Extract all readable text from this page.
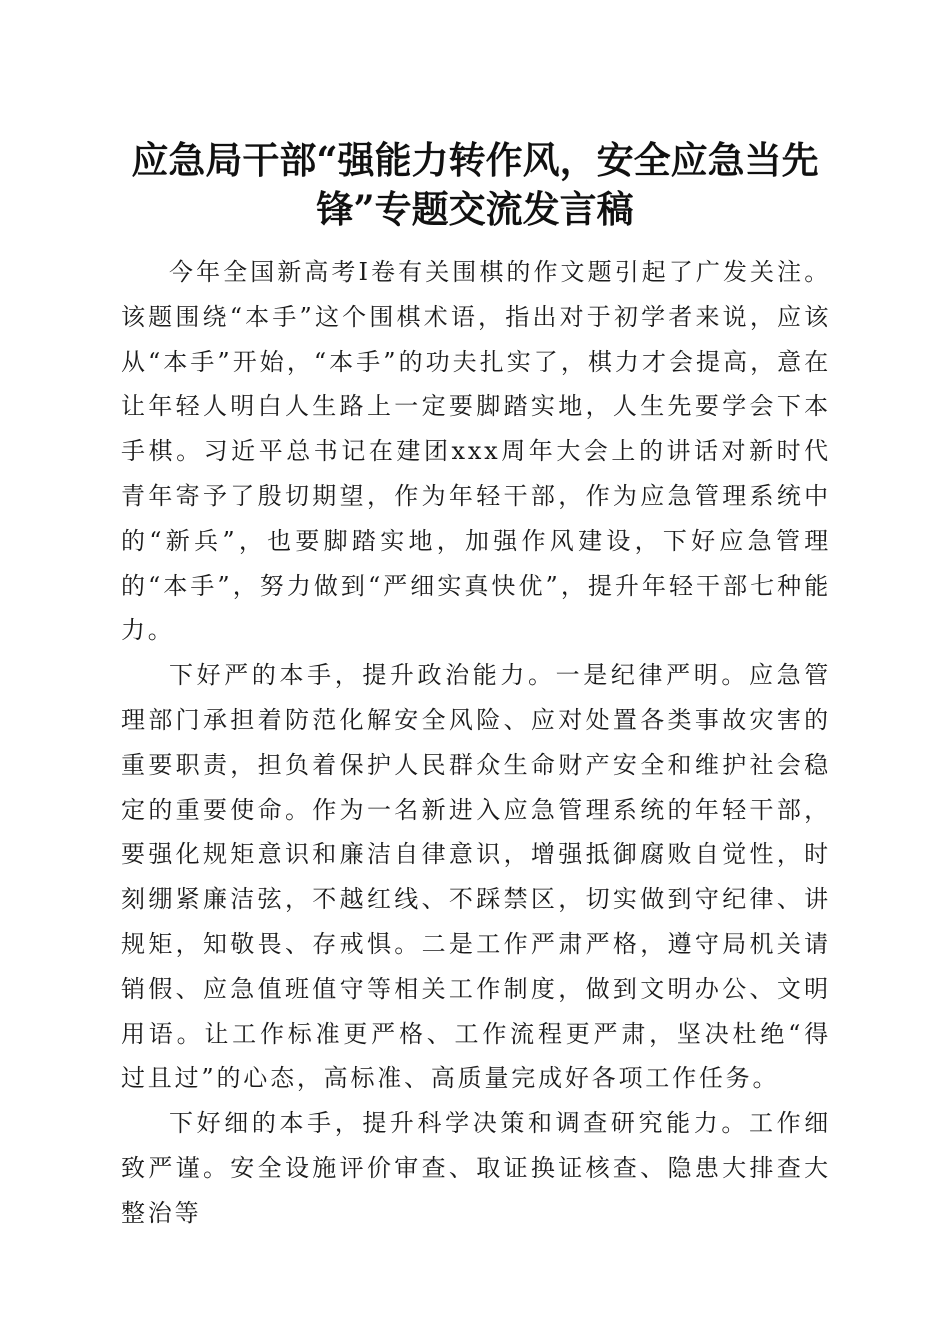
应急局干部“强能力转作风，安全应急当先
锋”专题交流发言稿

今年全国新高考Ⅰ卷有关围棋的作文题引起了广发关注。该题围绕“本手”这个围棋术语，指出对于初学者来说，应该从“本手”开始，“本手”的功夫扎实了，棋力才会提高，意在让年轻人明白人生路上一定要脚踏实地，人生先要学会下本手棋。习近平总书记在建团xxx周年大会上的讲话对新时代青年寄予了殷切期望，作为年轻干部，作为应急管理系统中的“新兵”，也要脚踏实地，加强作风建设，下好应急管理的“本手”，努力做到“严细实真快优”，提升年轻干部七种能力。

下好严的本手，提升政治能力。一是纪律严明。应急管理部门承担着防范化解安全风险、应对处置各类事故灾害的重要职责，担负着保护人民群众生命财产安全和维护社会稳定的重要使命。作为一名新进入应急管理系统的年轻干部，要强化规矩意识和廉洁自律意识，增强抵御腐败自觉性，时刻绷紧廉洁弦，不越红线、不踩禁区，切实做到守纪律、讲规矩，知敬畏、存戒惧。二是工作严肃严格，遵守局机关请销假、应急值班值守等相关工作制度，做到文明办公、文明用语。让工作标准更严格、工作流程更严肃，坚决杜绝“得过且过”的心态，高标准、高质量完成好各项工作任务。

下好细的本手，提升科学决策和调查研究能力。工作细致严谨。安全设施评价审查、取证换证核查、隐患大排查大整治等
